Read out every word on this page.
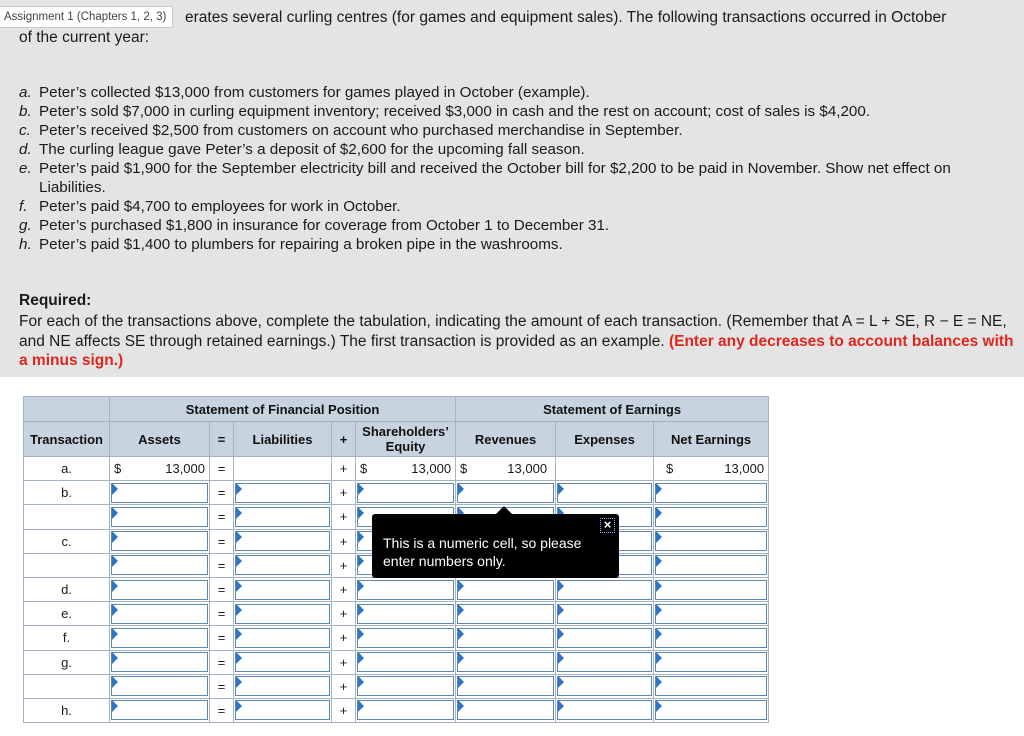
erates several curling centres (for games and equipment sales). The following transactions occurred in October
of the current year:
Assignment 1 (Chapters 1, 2, 3)
a. Peter’s collected $13,000 from customers for games played in October (example).
b. Peter’s sold $7,000 in curling equipment inventory; received $3,000 in cash and the rest on account; cost of sales is $4,200.
c. Peter’s received $2,500 from customers on account who purchased merchandise in September.
d. The curling league gave Peter’s a deposit of $2,600 for the upcoming fall season.
e. Peter’s paid $1,900 for the September electricity bill and received the October bill for $2,200 to be paid in November. Show net effect on Liabilities.
f. Peter’s paid $4,700 to employees for work in October.
g. Peter’s purchased $1,800 in insurance for coverage from October 1 to December 31.
h. Peter’s paid $1,400 to plumbers for repairing a broken pipe in the washrooms.
Required:
For each of the transactions above, complete the tabulation, indicating the amount of each transaction. (Remember that A = L + SE, R − E = NE, and NE affects SE through retained earnings.) The first transaction is provided as an example. (Enter any decreases to account balances with a minus sign.)
	Statement of Financial Position					Statement of Earnings		
Transaction	Assets	=	Liabilities	+	Shareholders’ Equity	Revenues	Expenses	Net Earnings
a.	$ 13,000	=		+	$ 13,000	$ 13,000		$ 13,000

b.		=		+	

	=		+	

c.		=		+	

	=		+	

d.		=		+	

e.		=		+	

f.		=		+	

g.		=		+	

	=		+	

h.		=		+	

This is a numeric cell, so please enter numbers only.
×
